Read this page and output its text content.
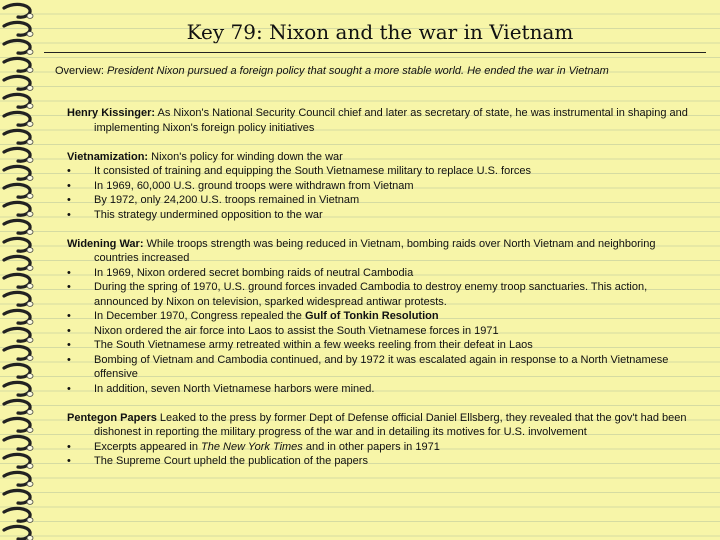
Key 79: Nixon and the war in Vietnam
Overview: President Nixon pursued a foreign policy that sought a more stable world. He ended the war in Vietnam

Henry Kissinger: As Nixon's National Security Council chief and later as secretary of state, he was instrumental in shaping and implementing Nixon's foreign policy initiatives

Vietnamization: Nixon's policy for winding down the war

• It consisted of training and equipping the South Vietnamese military to replace U.S. forces

• In 1969, 60,000 U.S. ground troops were withdrawn from Vietnam

• By 1972, only 24,200 U.S. troops remained in Vietnam

• This strategy undermined opposition to the war

Widening War: While troops strength was being reduced in Vietnam, bombing raids over North Vietnam and neighboring countries increased

• In 1969, Nixon ordered secret bombing raids of neutral Cambodia

• During the spring of 1970, U.S. ground forces invaded Cambodia to destroy enemy troop sanctuaries. This action, announced by Nixon on television, sparked widespread antiwar protests.

• In December 1970, Congress repealed the Gulf of Tonkin Resolution

• Nixon ordered the air force into Laos to assist the South Vietnamese forces in 1971

• The South Vietnamese army retreated within a few weeks reeling from their defeat in Laos

• Bombing of Vietnam and Cambodia continued, and by 1972 it was escalated again in response to a North Vietnamese offensive

• In addition, seven North Vietnamese harbors were mined.

Pentegon Papers Leaked to the press by former Dept of Defense official Daniel Ellsberg, they revealed that the gov't had been dishonest in reporting the military progress of the war and in detailing its motives for U.S. involvement

• Excerpts appeared in The New York Times and in other papers in 1971

• The Supreme Court upheld the publication of the papers
